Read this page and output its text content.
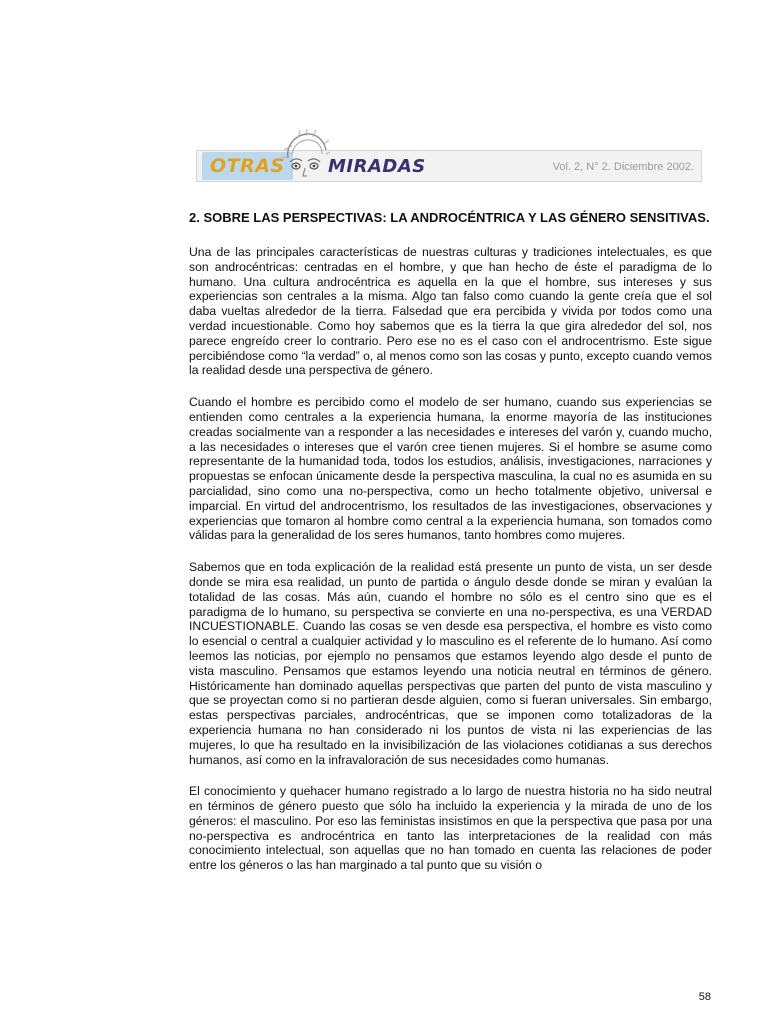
OTRAS	MIRADAS	Vol. 2, N° 2. Diciembre 2002.
2. SOBRE LAS PERSPECTIVAS: LA ANDROCÉNTRICA Y LAS GÉNERO SENSITIVAS.

Una de las principales características de nuestras culturas y tradiciones intelectuales, es que son androcéntricas: centradas en el hombre, y que han hecho de éste el paradigma de lo humano. Una cultura androcéntrica es aquella en la que el hombre, sus intereses y sus experiencias son centrales a la misma. Algo tan falso como cuando la gente creía que el sol daba vueltas alrededor de la tierra. Falsedad que era percibida y vivida por todos como una verdad incuestionable. Como hoy sabemos que es la tierra la que gira alrededor del sol, nos parece engreído creer lo contrario. Pero ese no es el caso con el androcentrismo. Este sigue percibiéndose como “la verdad” o, al menos como son las cosas y punto, excepto cuando vemos la realidad desde una perspectiva de género.

Cuando el hombre es percibido como el modelo de ser humano, cuando sus experiencias se entienden como centrales a la experiencia humana, la enorme mayoría de las instituciones creadas socialmente van a responder a las necesidades e intereses del varón y, cuando mucho, a las necesidades o intereses que el varón cree tienen mujeres. Si el hombre se asume como representante de la humanidad toda, todos los estudios, análisis, investigaciones, narraciones y propuestas se enfocan únicamente desde la perspectiva masculina, la cual no es asumida en su parcialidad, sino como una no-perspectiva, como un hecho totalmente objetivo, universal e imparcial. En virtud del androcentrismo, los resultados de las investigaciones, observaciones y experiencias que tomaron al hombre como central a la experiencia humana, son tomados como válidas para la generalidad de los seres humanos, tanto hombres como mujeres.

Sabemos que en toda explicación de la realidad está presente un punto de vista, un ser desde donde se mira esa realidad, un punto de partida o ángulo desde donde se miran y evalúan la totalidad de las cosas. Más aún, cuando el hombre no sólo es el centro sino que es el paradigma de lo humano, su perspectiva se convierte en una no-perspectiva, es una VERDAD INCUESTIONABLE. Cuando las cosas se ven desde esa perspectiva, el hombre es visto como lo esencial o central a cualquier actividad y lo masculino es el referente de lo humano. Así como leemos las noticias, por ejemplo no pensamos que estamos leyendo algo desde el punto de vista masculino. Pensamos que estamos leyendo una noticia neutral en términos de género. Históricamente han dominado aquellas perspectivas que parten del punto de vista masculino y que se proyectan como si no partieran desde alguien, como si fueran universales. Sin embargo, estas perspectivas parciales, androcéntricas, que se imponen como totalizadoras de la experiencia humana no han considerado ni los puntos de vista ni las experiencias de las mujeres, lo que ha resultado en la invisibilización de las violaciones cotidianas a sus derechos humanos, así como en la infravaloración de sus necesidades como humanas.

El conocimiento y quehacer humano registrado a lo largo de nuestra historia no ha sido neutral en términos de género puesto que sólo ha incluido la experiencia y la mirada de uno de los géneros: el masculino. Por eso las feministas insistimos en que la perspectiva que pasa por una no-perspectiva es androcéntrica en tanto las interpretaciones de la realidad con más conocimiento intelectual, son aquellas que no han tomado en cuenta las relaciones de poder entre los géneros o las han marginado a tal punto que su visión o

58
